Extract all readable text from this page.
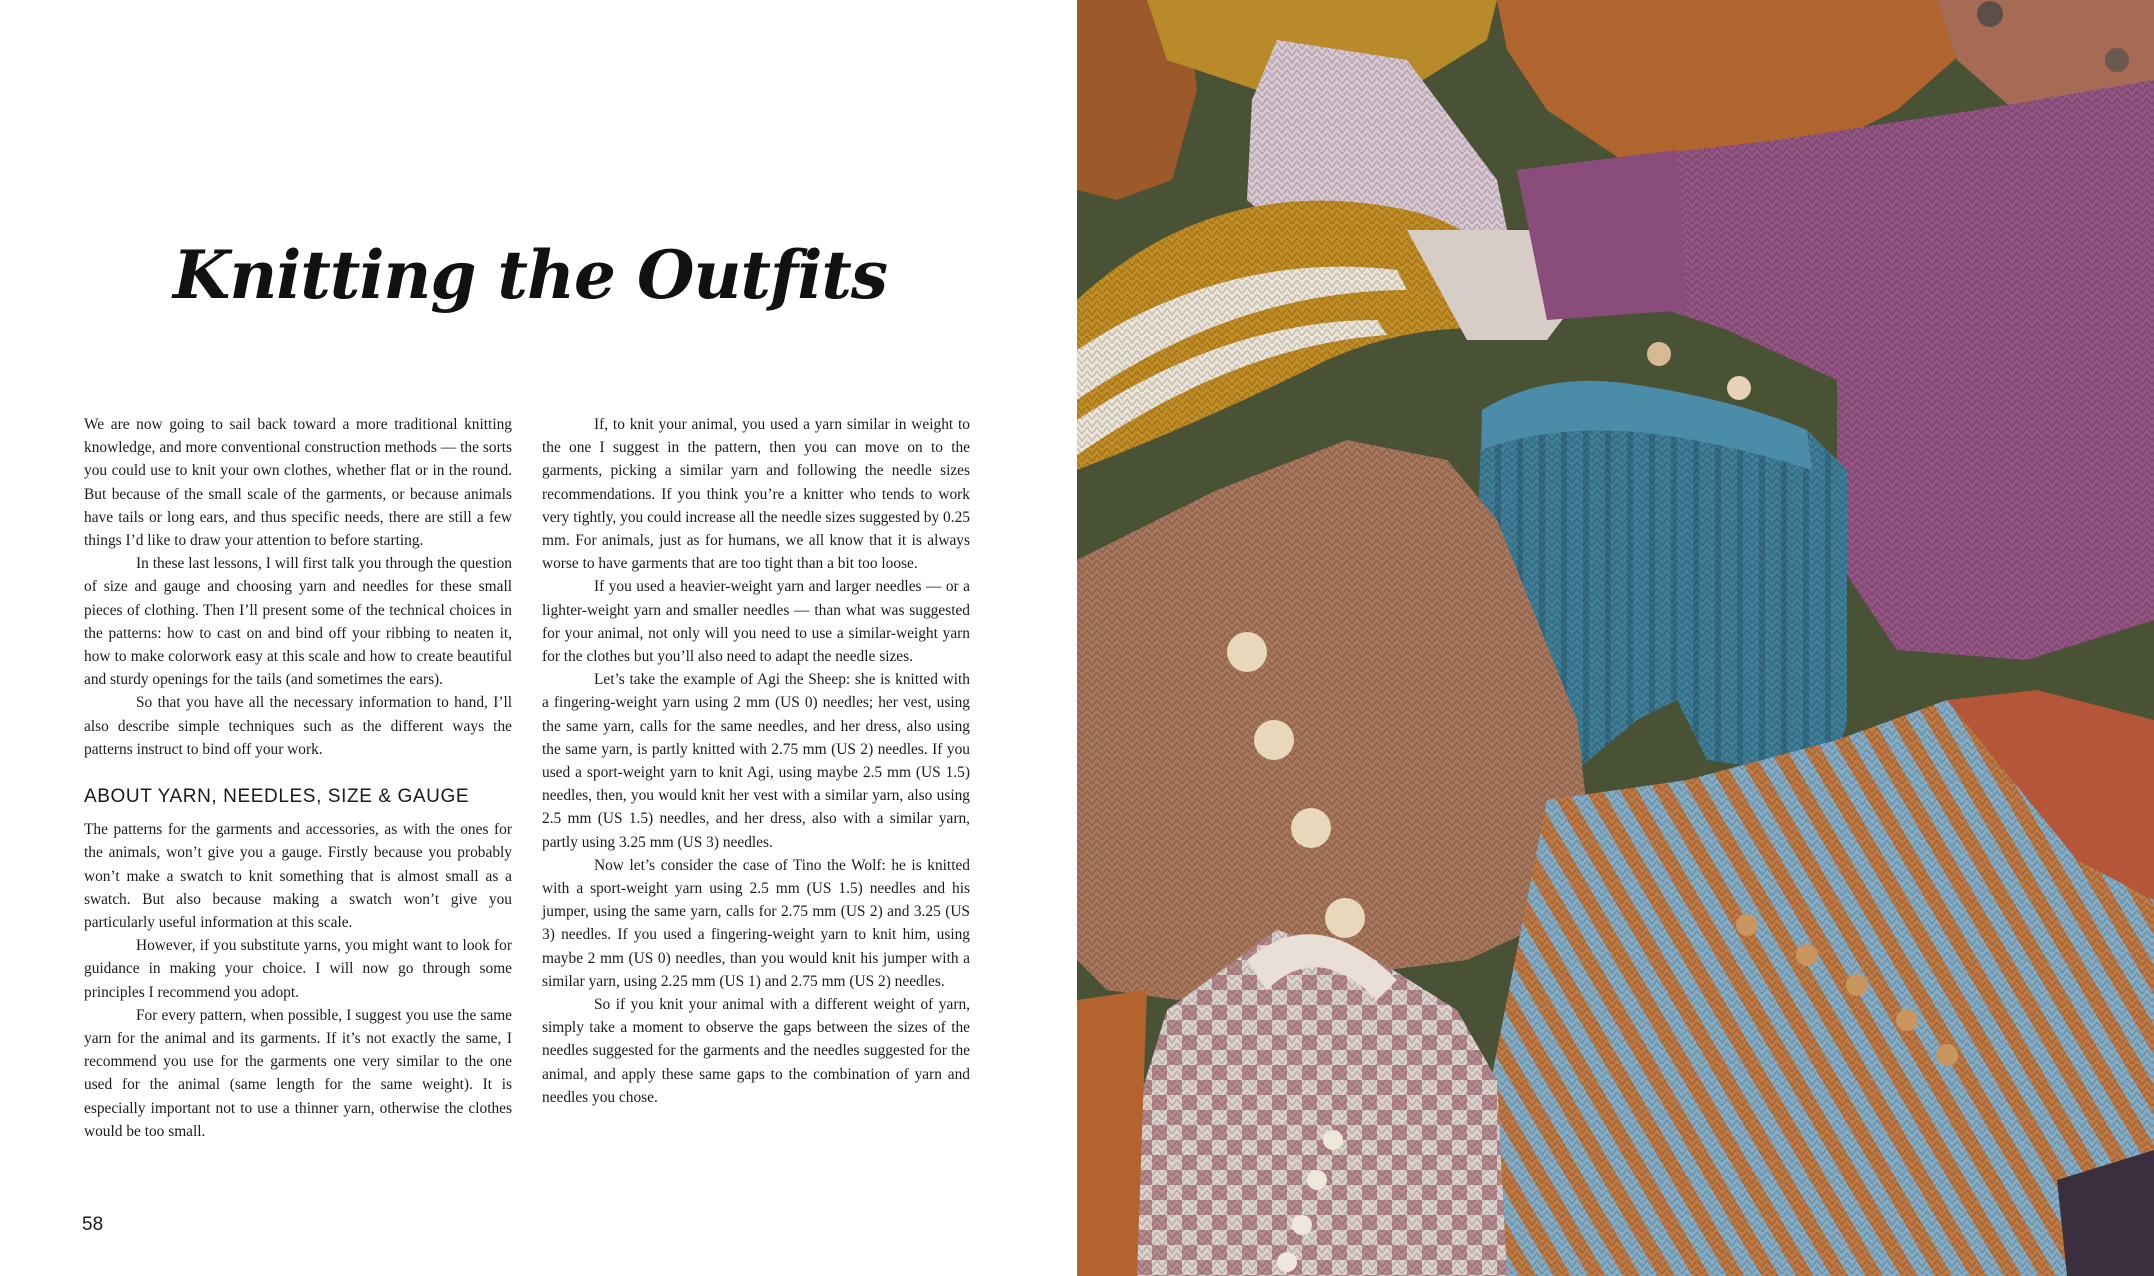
Knitting the Outfits

We are now going to sail back toward a more traditional knitting knowledge, and more conventional construction methods — the sorts you could use to knit your own clothes, whether flat or in the round. But because of the small scale of the garments, or because animals have tails or long ears, and thus specific needs, there are still a few things I’d like to draw your attention to before starting.

In these last lessons, I will first talk you through the question of size and gauge and choosing yarn and needles for these small pieces of clothing. Then I’ll present some of the technical choices in the patterns: how to cast on and bind off your ribbing to neaten it, how to make colorwork easy at this scale and how to create beautiful and sturdy openings for the tails (and sometimes the ears).

So that you have all the necessary information to hand, I’ll also describe simple techniques such as the different ways the patterns instruct to bind off your work.

ABOUT YARN, NEEDLES, SIZE & GAUGE

The patterns for the garments and accessories, as with the ones for the animals, won’t give you a gauge. Firstly because you probably won’t make a swatch to knit something that is almost small as a swatch. But also because making a swatch won’t give you particularly useful information at this scale.

However, if you substitute yarns, you might want to look for guidance in making your choice. I will now go through some principles I recommend you adopt.

For every pattern, when possible, I suggest you use the same yarn for the animal and its garments. If it’s not exactly the same, I recommend you use for the garments one very similar to the one used for the animal (same length for the same weight). It is especially important not to use a thinner yarn, otherwise the clothes would be too small.

If, to knit your animal, you used a yarn similar in weight to the one I suggest in the pattern, then you can move on to the garments, picking a similar yarn and following the needle sizes recommendations. If you think you’re a knitter who tends to work very tightly, you could increase all the needle sizes suggested by 0.25 mm. For animals, just as for humans, we all know that it is always worse to have garments that are too tight than a bit too loose.

If you used a heavier-weight yarn and larger needles — or a lighter-weight yarn and smaller needles — than what was suggested for your animal, not only will you need to use a similar-weight yarn for the clothes but you’ll also need to adapt the needle sizes.

Let’s take the example of Agi the Sheep: she is knitted with a fingering-weight yarn using 2 mm (US 0) needles; her vest, using the same yarn, calls for the same needles, and her dress, also using the same yarn, is partly knitted with 2.75 mm (US 2) needles. If you used a sport-weight yarn to knit Agi, using maybe 2.5 mm (US 1.5) needles, then, you would knit her vest with a similar yarn, also using 2.5 mm (US 1.5) needles, and her dress, also with a similar yarn, partly using 3.25 mm (US 3) needles.

Now let’s consider the case of Tino the Wolf: he is knitted with a sport-weight yarn using 2.5 mm (US 1.5) needles and his jumper, using the same yarn, calls for 2.75 mm (US 2) and 3.25 (US 3) needles. If you used a fingering-weight yarn to knit him, using maybe 2 mm (US 0) needles, than you would knit his jumper with a similar yarn, using 2.25 mm (US 1) and 2.75 mm (US 2) needles.

So if you knit your animal with a different weight of yarn, simply take a moment to observe the gaps between the sizes of the needles suggested for the garments and the needles suggested for the animal, and apply these same gaps to the combination of yarn and needles you chose.

58
